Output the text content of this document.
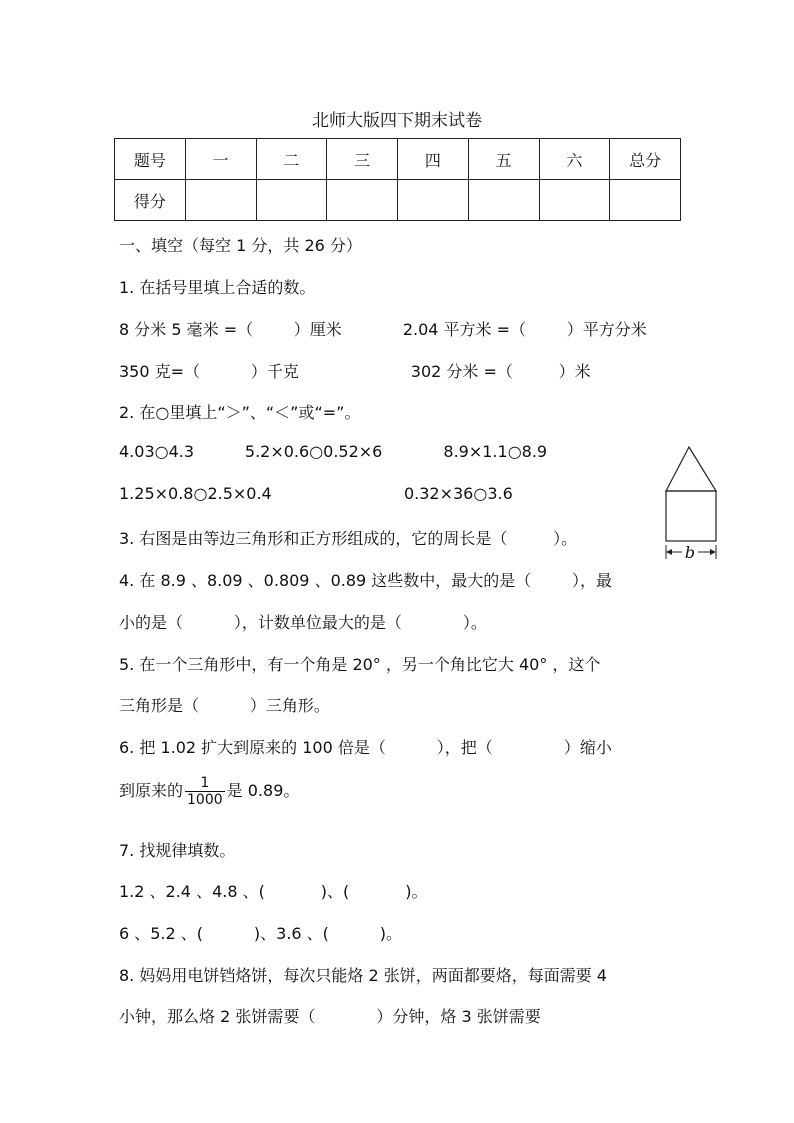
北师大版四下期末试卷
题号	一	二	三	四	五	六	总分
得分							
一、填空（每空 1 分，共 26 分）
1. 在括号里填上合适的数。
8 分米 5 毫米 =（        ）厘米            2.04 平方米 =（        ）平方分米
350 克=（          ）千克                      302 分米 =（         ）米
2. 在○里填上“＞”、“＜”或“=”。
4.03○4.3          5.2×0.6○0.52×6            8.9×1.1○8.9
1.25×0.8○2.5×0.4                          0.32×36○3.6
3. 右图是由等边三角形和正方形组成的，它的周长是（         ）。
b
4. 在 8.9 、8.09 、0.809 、0.89 这些数中，最大的是（        ），最
小的是（          ），计数单位最大的是（            ）。
5. 在一个三角形中，有一个角是 20° ，另一个角比它大 40° ，这个
三角形是（          ）三角形。
6. 把 1.02 扩大到原来的 100 倍是（          ），把（              ）缩小
到原来的 $\frac{1}{1000}$ 是 0.89。
7. 找规律填数。
1.2 、2.4 、4.8 、(           )、(           )。
6 、5.2 、(          )、3.6 、(          )。
8. 妈妈用电饼铛烙饼，每次只能烙 2 张饼，两面都要烙，每面需要 4
小钟，那么烙 2 张饼需要（            ）分钟，烙 3 张饼需要
